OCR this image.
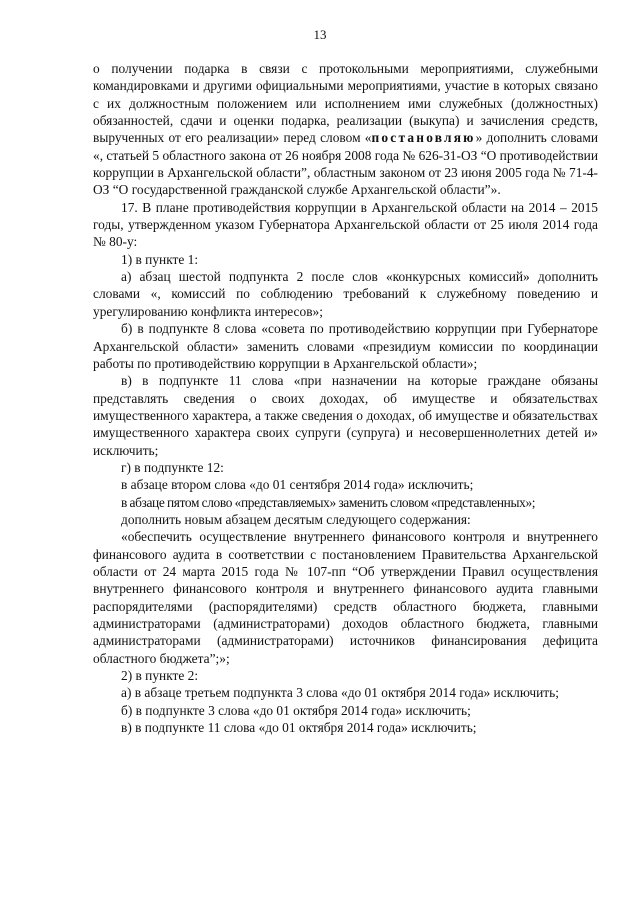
13

о получении подарка в связи с протокольными мероприятиями, служебными командировками и другими официальными мероприятиями, участие в которых связано с их должностным положением или исполнением ими служебных (должностных) обязанностей, сдачи и оценки подарка, реализации (выкупа) и зачисления средств, вырученных от его реализации» перед словом «постановляю» дополнить словами «, статьей 5 областного закона от 26 ноября 2008 года № 626-31-ОЗ “О противодействии коррупции в Архангельской области”, областным законом от 23 июня 2005 года № 71-4-ОЗ “О государственной гражданской службе Архангельской области”».

17. В плане противодействия коррупции в Архангельской области на 2014 – 2015 годы, утвержденном указом Губернатора Архангельской области от 25 июля 2014 года № 80-у:

1) в пункте 1:

а) абзац шестой подпункта 2 после слов «конкурсных комиссий» дополнить словами «, комиссий по соблюдению требований к служебному поведению и урегулированию конфликта интересов»;

б) в подпункте 8 слова «совета по противодействию коррупции при Губернаторе Архангельской области» заменить словами «президиум комиссии по координации работы по противодействию коррупции в Архангельской области»;

в) в подпункте 11 слова «при назначении на которые граждане обязаны представлять сведения о своих доходах, об имуществе и обязательствах имущественного характера, а также сведения о доходах, об имуществе и обязательствах имущественного характера своих супруги (супруга) и несовершеннолетних детей и» исключить;

г) в подпункте 12:

в абзаце втором слова «до 01 сентября 2014 года» исключить;

в абзаце пятом слово «представляемых» заменить словом «представленных»;

дополнить новым абзацем десятым следующего содержания:

«обеспечить осуществление внутреннего финансового контроля и внутреннего финансового аудита в соответствии с постановлением Правительства Архангельской области от 24 марта 2015 года № 107-пп “Об утверждении Правил осуществления внутреннего финансового контроля и внутреннего финансового аудита главными распорядителями (распорядителями) средств областного бюджета, главными администраторами (администраторами) доходов областного бюджета, главными администраторами (администраторами) источников финансирования дефицита областного бюджета”;»;

2) в пункте 2:

а) в абзаце третьем подпункта 3 слова «до 01 октября 2014 года» исключить;

б) в подпункте 3 слова «до 01 октября 2014 года» исключить;

в) в подпункте 11 слова «до 01 октября 2014 года» исключить;
